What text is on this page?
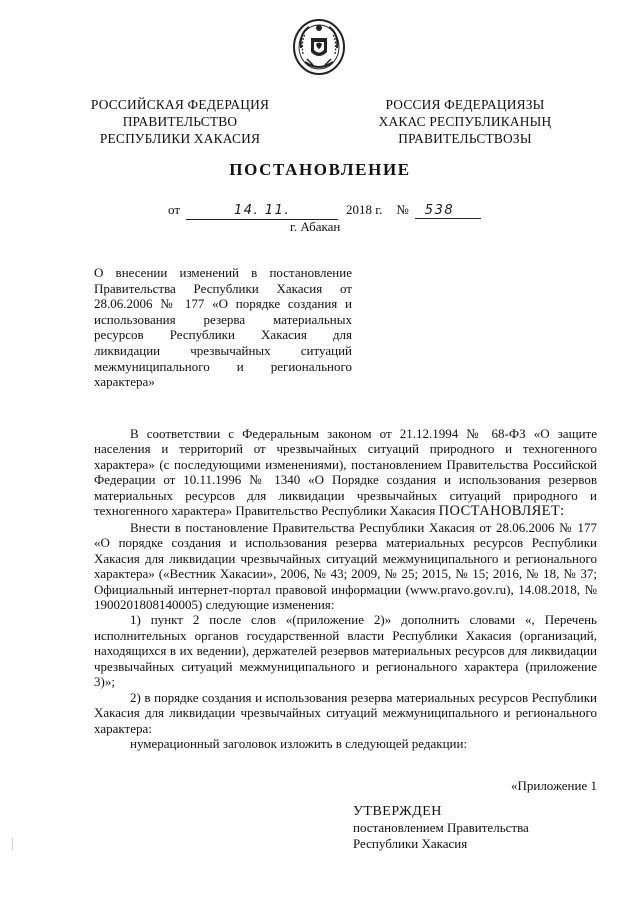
РОССИЙСКАЯ ФЕДЕРАЦИЯ
ПРАВИТЕЛЬСТВО
РЕСПУБЛИКИ ХАКАСИЯ
РОССИЯ ФЕДЕРАЦИЯЗЫ
ХАКАС РЕСПУБЛИКАНЫҢ
ПРАВИТЕЛЬСТВОЗЫ
ПОСТАНОВЛЕНИЕ
от	14. 11.	2018 г. № 538
г. Абакан
О внесении изменений в постановление Правительства Республики Хакасия от 28.06.2006 № 177 «О порядке создания и использования резерва материальных ресурсов Республики Хакасия для ликвидации чрезвычайных ситуаций межмуниципального и регионального характера»

В соответствии с Федеральным законом от 21.12.1994 № 68-ФЗ «О защите населения и территорий от чрезвычайных ситуаций природного и техногенного характера» (с последующими изменениями), постановлением Правительства Российской Федерации от 10.11.1996 № 1340 «О Порядке создания и использования резервов материальных ресурсов для ликвидации чрезвычайных ситуаций природного и техногенного характера» Правительство Республики Хакасия ПОСТАНОВЛЯЕТ:

Внести в постановление Правительства Республики Хакасия от 28.06.2006 № 177 «О порядке создания и использования резерва материальных ресурсов Республики Хакасия для ликвидации чрезвычайных ситуаций межмуниципального и регионального характера» («Вестник Хакасии», 2006, № 43; 2009, № 25; 2015, № 15; 2016, № 18, № 37; Официальный интернет-портал правовой информации (www.pravo.gov.ru), 14.08.2018, № 1900201808140005) следующие изменения:

1) пункт 2 после слов «(приложение 2)» дополнить словами «, Перечень исполнительных органов государственной власти Республики Хакасия (организаций, находящихся в их ведении), держателей резервов материальных ресурсов для ликвидации чрезвычайных ситуаций межмуниципального и регионального характера (приложение 3)»;

2) в порядке создания и использования резерва материальных ресурсов Республики Хакасия для ликвидации чрезвычайных ситуаций межмуниципального и регионального характера:

нумерационный заголовок изложить в следующей редакции:

«Приложение 1
УТВЕРЖДЕН
постановлением Правительства
Республики Хакасия
